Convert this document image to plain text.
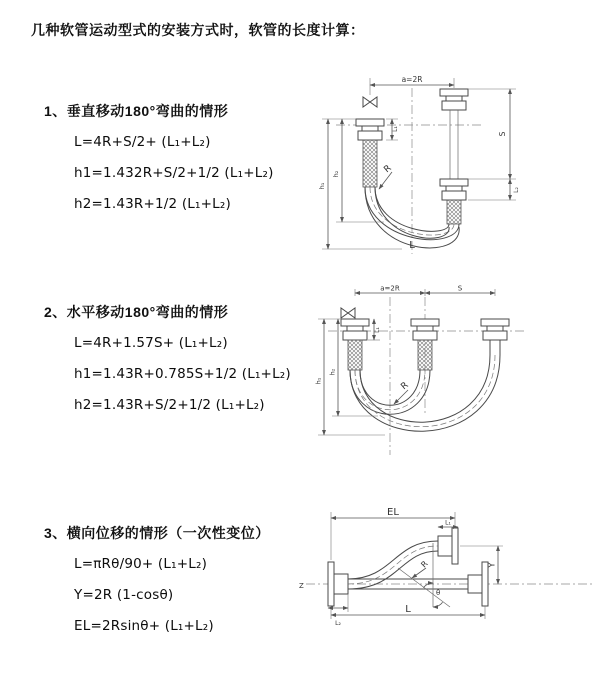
几种软管运动型式的安装方式时，软管的长度计算：
1、垂直移动180°弯曲的情形
L=4R+S/2+ (L₁+L₂)
h1=1.432R+S/2+1/2 (L₁+L₂)
h2=1.43R+1/2 (L₁+L₂)
2、水平移动180°弯曲的情形
L=4R+1.57S+ (L₁+L₂)
h1=1.43R+0.785S+1/2 (L₁+L₂)
h2=1.43R+S/2+1/2 (L₁+L₂)
3、横向位移的情形（一次性变位）
L=πRθ/90+ (L₁+L₂)
Y=2R (1-cosθ)
EL=2Rsinθ+ (L₁+L₂)
a=2R
h₁
h₂
L₁
S
L₂
R
L
a=2R	S
h₁
h₂
L₁
R
Z
EL
L₁
Y
L
L₂
R
θ
